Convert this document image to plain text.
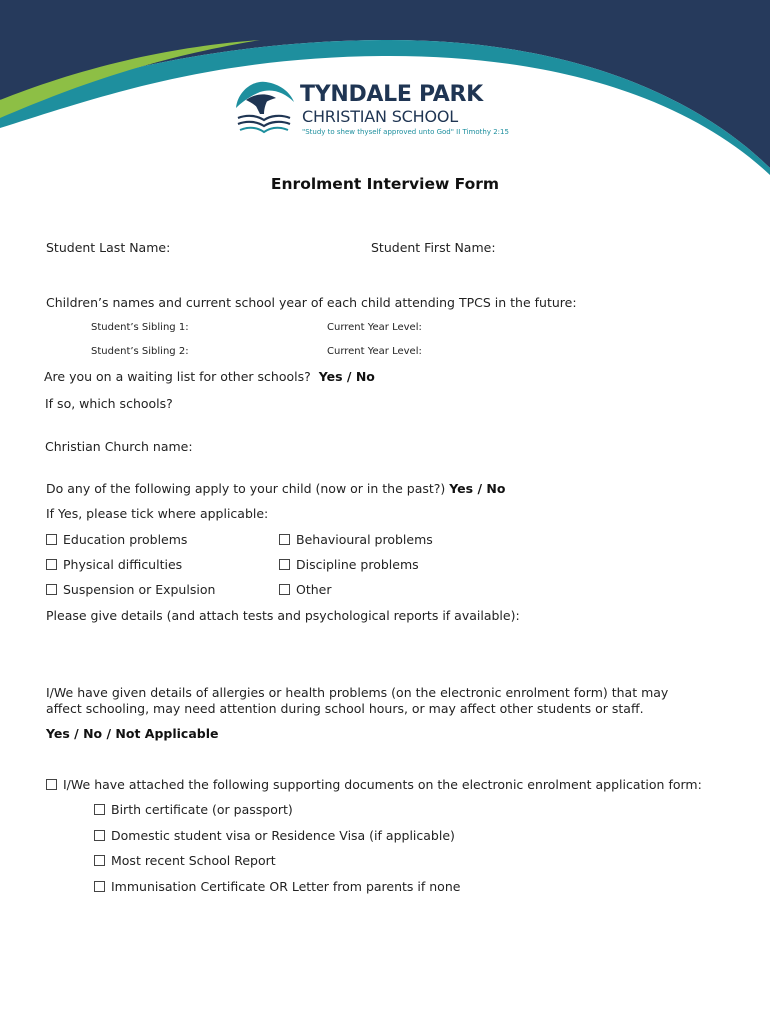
TYNDALE PARK
CHRISTIAN SCHOOL
"Study to shew thyself approved unto God" II Timothy 2:15
Enrolment Interview Form
Student Last Name:	Student First Name:
Children’s names and current school year of each child attending TPCS in the future:
Student’s Sibling 1:	Current Year Level:
Student’s Sibling 2:	Current Year Level:
Are you on a waiting list for other schools? Yes / No
If so, which schools?
Christian Church name:
Do any of the following apply to your child (now or in the past?) Yes / No
If Yes, please tick where applicable:
Education problems	Behavioural problems
Physical difficulties	Discipline problems
Suspension or Expulsion	Other
Please give details (and attach tests and psychological reports if available):
I/We have given details of allergies or health problems (on the electronic enrolment form) that may
affect schooling, may need attention during school hours, or may affect other students or staff.
Yes / No / Not Applicable
I/We have attached the following supporting documents on the electronic enrolment application form:
Birth certificate (or passport)
Domestic student visa or Residence Visa (if applicable)
Most recent School Report
Immunisation Certificate OR Letter from parents if none
